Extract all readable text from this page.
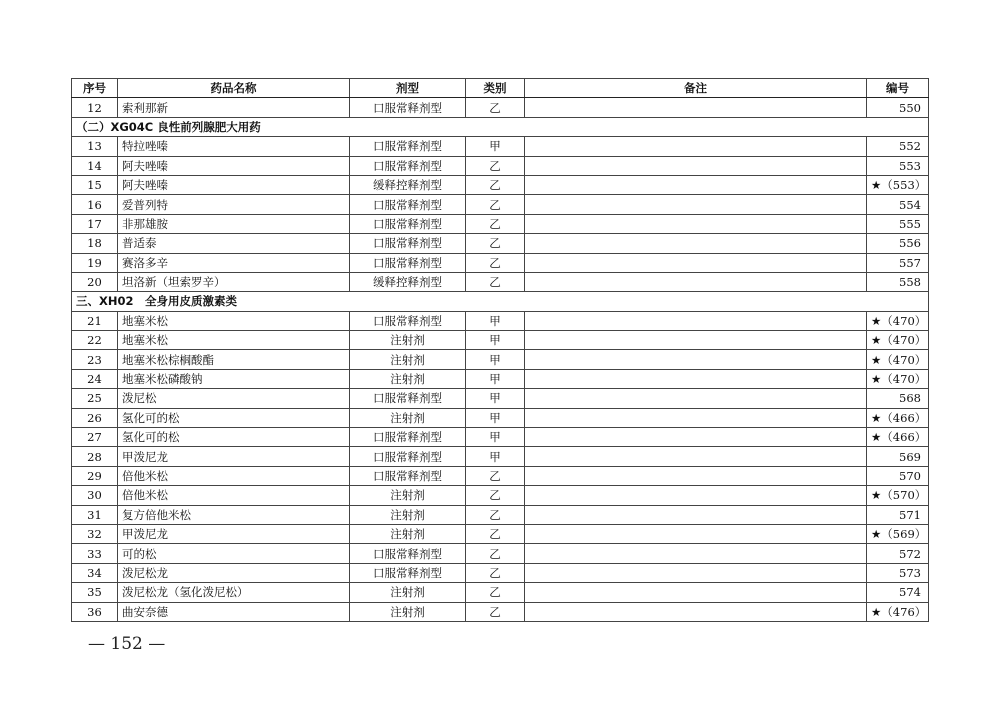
序号	药品名称	剂型	类别	备注	编号
12	索利那新	口服常释剂型	乙		550
（二）XG04C 良性前列腺肥大用药					
13	特拉唑嗪	口服常释剂型	甲		552
14	阿夫唑嗪	口服常释剂型	乙		553
15	阿夫唑嗪	缓释控释剂型	乙		★（553）
16	爱普列特	口服常释剂型	乙		554
17	非那雄胺	口服常释剂型	乙		555
18	普适泰	口服常释剂型	乙		556
19	赛洛多辛	口服常释剂型	乙		557
20	坦洛新（坦索罗辛）	缓释控释剂型	乙		558
三、XH02　全身用皮质激素类					
21	地塞米松	口服常释剂型	甲		★（470）
22	地塞米松	注射剂	甲		★（470）
23	地塞米松棕榈酸酯	注射剂	甲		★（470）
24	地塞米松磷酸钠	注射剂	甲		★（470）
25	泼尼松	口服常释剂型	甲		568
26	氢化可的松	注射剂	甲		★（466）
27	氢化可的松	口服常释剂型	甲		★（466）
28	甲泼尼龙	口服常释剂型	甲		569
29	倍他米松	口服常释剂型	乙		570
30	倍他米松	注射剂	乙		★（570）
31	复方倍他米松	注射剂	乙		571
32	甲泼尼龙	注射剂	乙		★（569）
33	可的松	口服常释剂型	乙		572
34	泼尼松龙	口服常释剂型	乙		573
35	泼尼松龙（氢化泼尼松）	注射剂	乙		574
36	曲安奈德	注射剂	乙		★（476）
— 152 —
